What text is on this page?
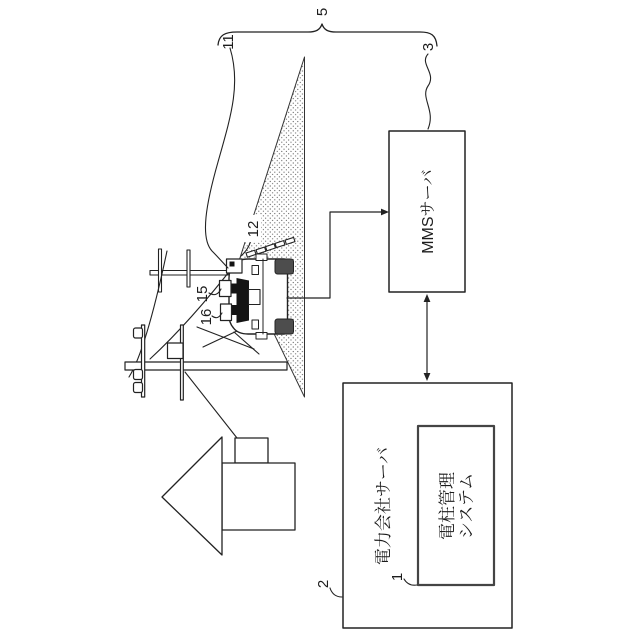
MMSサーバ
電力会社サーバ	電柱管理 システム
5
11	3
12
15
16
2
1
